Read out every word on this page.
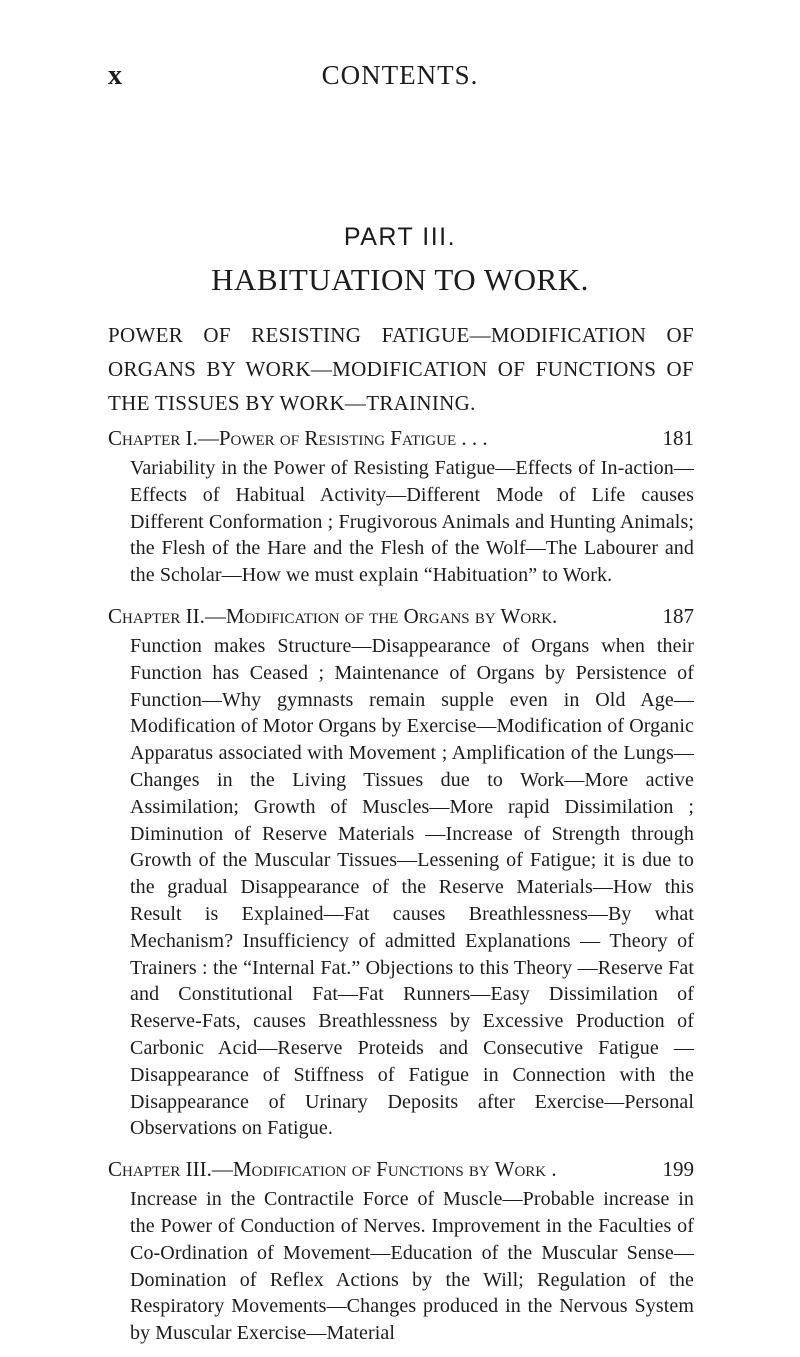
x	CONTENTS.
PART III.
HABITUATION TO WORK.

POWER OF RESISTING FATIGUE—MODIFICATION OF ORGANS BY WORK—MODIFICATION OF FUNCTIONS OF THE TISSUES BY WORK—TRAINING.

Chapter I.—Power of Resisting Fatigue . . .	181

Variability in the Power of Resisting Fatigue—Effects of In-action—Effects of Habitual Activity—Different Mode of Life causes Different Conformation ; Frugivorous Animals and Hunting Animals; the Flesh of the Hare and the Flesh of the Wolf—The Labourer and the Scholar—How we must explain “Habituation” to Work.

Chapter II.—Modification of the Organs by Work.	187

Function makes Structure—Disappearance of Organs when their Function has Ceased ; Maintenance of Organs by Persistence of Function—Why gymnasts remain supple even in Old Age—Modification of Motor Organs by Exercise—Modification of Organic Apparatus associated with Movement ; Amplification of the Lungs—Changes in the Living Tissues due to Work—More active Assimilation; Growth of Muscles—More rapid Dissimilation ; Diminution of Reserve Materials —Increase of Strength through Growth of the Muscular Tissues—Lessening of Fatigue; it is due to the gradual Disappearance of the Reserve Materials—How this Result is Explained—Fat causes Breathlessness—By what Mechanism? Insufficiency of admitted Explanations — Theory of Trainers : the “Internal Fat.” Objections to this Theory —Reserve Fat and Constitutional Fat—Fat Runners—Easy Dissimilation of Reserve-Fats, causes Breathlessness by Excessive Production of Carbonic Acid—Reserve Proteids and Consecutive Fatigue — Disappearance of Stiffness of Fatigue in Connection with the Disappearance of Urinary Deposits after Exercise—Personal Observations on Fatigue.

Chapter III.—Modification of Functions by Work .	199

Increase in the Contractile Force of Muscle—Probable increase in the Power of Conduction of Nerves. Improvement in the Faculties of Co-Ordination of Movement—Education of the Muscular Sense—Domination of Reflex Actions by the Will; Regulation of the Respiratory Movements—Changes produced in the Nervous System by Muscular Exercise—Material
